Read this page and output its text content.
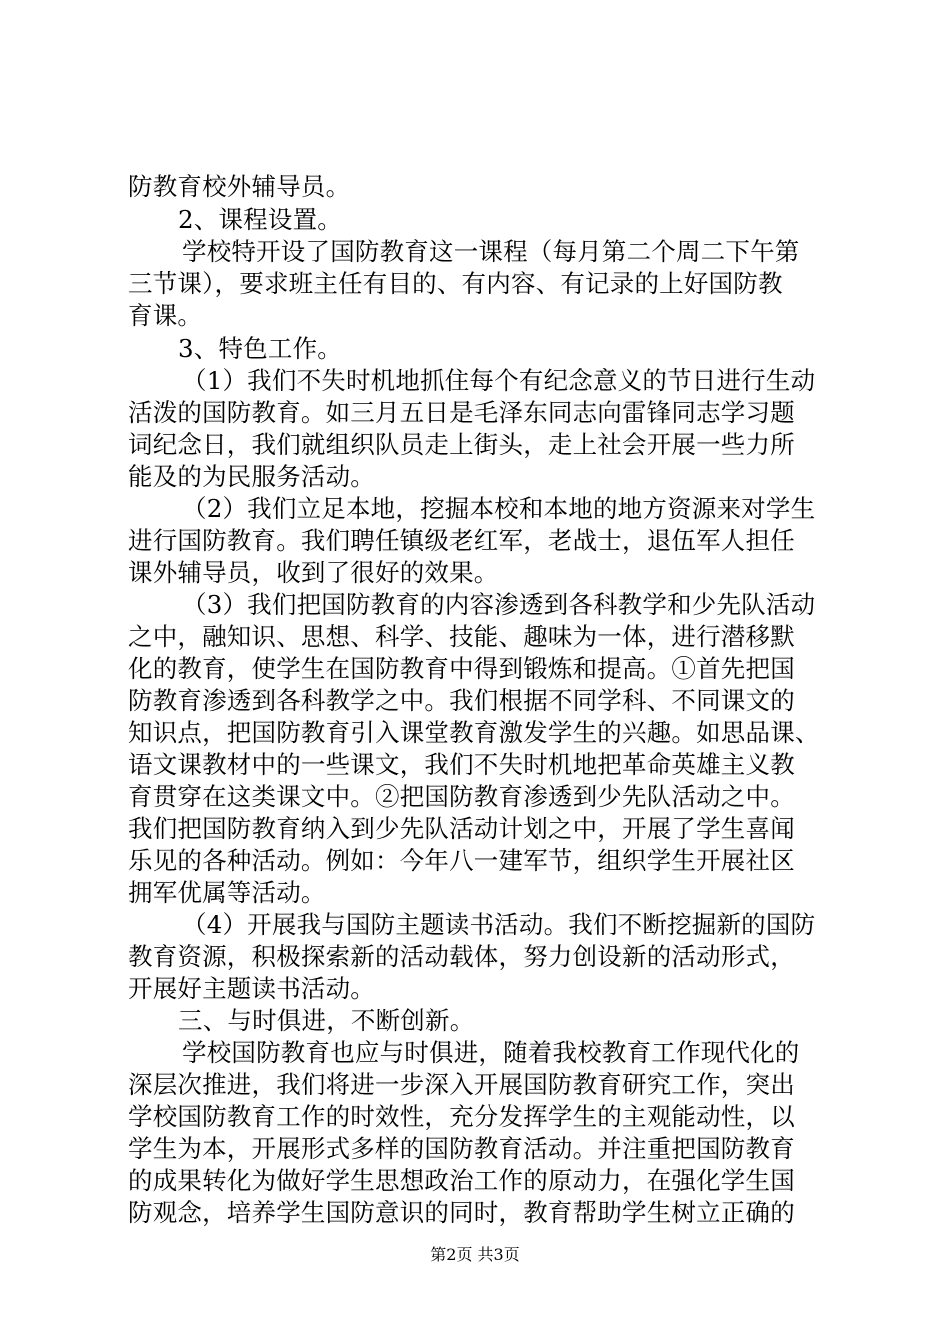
防教育校外辅导员。
2、课程设置。
学校特开设了国防教育这一课程（每月第二个周二下午第
三节课），要求班主任有目的、有内容、有记录的上好国防教
育课。
3、特色工作。
（1）我们不失时机地抓住每个有纪念意义的节日进行生动
活泼的国防教育。如三月五日是毛泽东同志向雷锋同志学习题
词纪念日，我们就组织队员走上街头，走上社会开展一些力所
能及的为民服务活动。
（2）我们立足本地，挖掘本校和本地的地方资源来对学生
进行国防教育。我们聘任镇级老红军，老战士，退伍军人担任
课外辅导员，收到了很好的效果。
（3）我们把国防教育的内容渗透到各科教学和少先队活动
之中，融知识、思想、科学、技能、趣味为一体，进行潜移默
化的教育，使学生在国防教育中得到锻炼和提高。①首先把国
防教育渗透到各科教学之中。我们根据不同学科、不同课文的
知识点，把国防教育引入课堂教育激发学生的兴趣。如思品课、
语文课教材中的一些课文，我们不失时机地把革命英雄主义教
育贯穿在这类课文中。②把国防教育渗透到少先队活动之中。
我们把国防教育纳入到少先队活动计划之中，开展了学生喜闻
乐见的各种活动。例如：今年八一建军节，组织学生开展社区
拥军优属等活动。
（4）开展我与国防主题读书活动。我们不断挖掘新的国防
教育资源，积极探索新的活动载体，努力创设新的活动形式，
开展好主题读书活动。
三、与时俱进，不断创新。
学校国防教育也应与时俱进，随着我校教育工作现代化的
深层次推进，我们将进一步深入开展国防教育研究工作，突出
学校国防教育工作的时效性，充分发挥学生的主观能动性，以
学生为本，开展形式多样的国防教育活动。并注重把国防教育
的成果转化为做好学生思想政治工作的原动力，在强化学生国
防观念，培养学生国防意识的同时，教育帮助学生树立正确的
第2页 共3页
